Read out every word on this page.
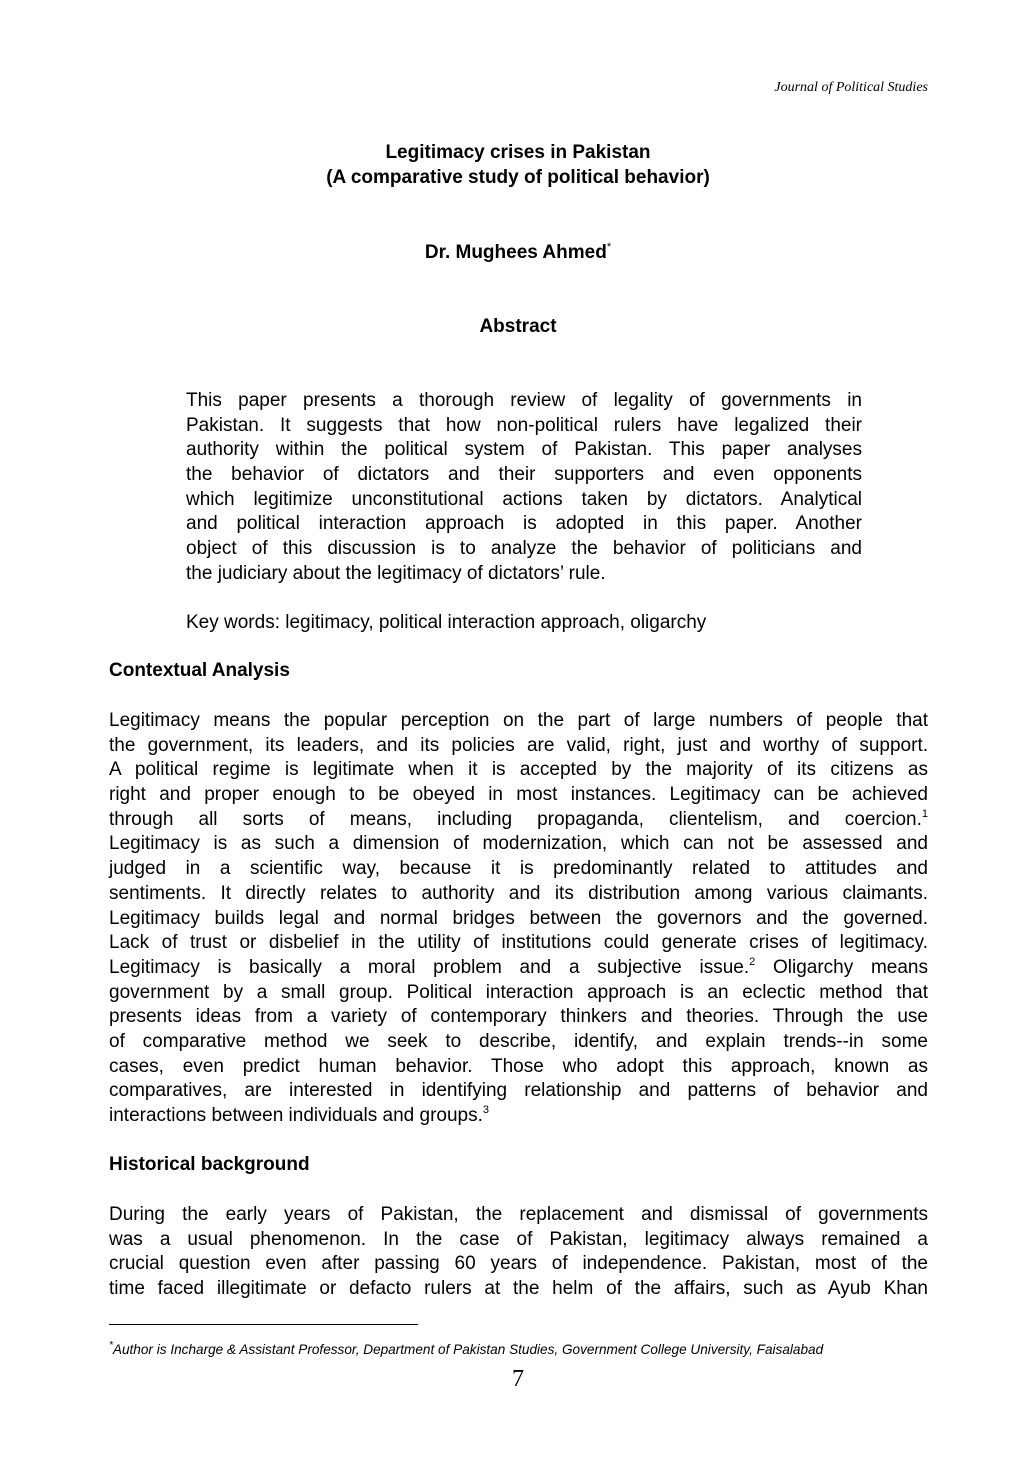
Journal of Political Studies
Legitimacy crises in Pakistan
(A comparative study of political behavior)
Dr. Mughees Ahmed*
Abstract
This paper presents a thorough review of legality of governments in
Pakistan. It suggests that how non-political rulers have legalized their
authority within the political system of Pakistan. This paper analyses
the behavior of dictators and their supporters and even opponents
which legitimize unconstitutional actions taken by dictators. Analytical
and political interaction approach is adopted in this paper. Another
object of this discussion is to analyze the behavior of politicians and
the judiciary about the legitimacy of dictators’ rule.
Key words: legitimacy, political interaction approach, oligarchy
Contextual Analysis
Legitimacy means the popular perception on the part of large numbers of people that
the government, its leaders, and its policies are valid, right, just and worthy of support.
A political regime is legitimate when it is accepted by the majority of its citizens as
right and proper enough to be obeyed in most instances. Legitimacy can be achieved
through all sorts of means, including propaganda, clientelism, and coercion.$^1$
Legitimacy is as such a dimension of modernization, which can not be assessed and
judged in a scientific way, because it is predominantly related to attitudes and
sentiments. It directly relates to authority and its distribution among various claimants.
Legitimacy builds legal and normal bridges between the governors and the governed.
Lack of trust or disbelief in the utility of institutions could generate crises of legitimacy.
Legitimacy is basically a moral problem and a subjective issue.$^2$ Oligarchy means
government by a small group. Political interaction approach is an eclectic method that
presents ideas from a variety of contemporary thinkers and theories. Through the use
of comparative method we seek to describe, identify, and explain trends--in some
cases, even predict human behavior. Those who adopt this approach, known as
comparatives, are interested in identifying relationship and patterns of behavior and
interactions between individuals and groups.$^3$
Historical background
During the early years of Pakistan, the replacement and dismissal of governments
was a usual phenomenon. In the case of Pakistan, legitimacy always remained a
crucial question even after passing 60 years of independence. Pakistan, most of the
time faced illegitimate or defacto rulers at the helm of the affairs, such as Ayub Khan
*Author is Incharge & Assistant Professor, Department of Pakistan Studies, Government College University, Faisalabad
7
